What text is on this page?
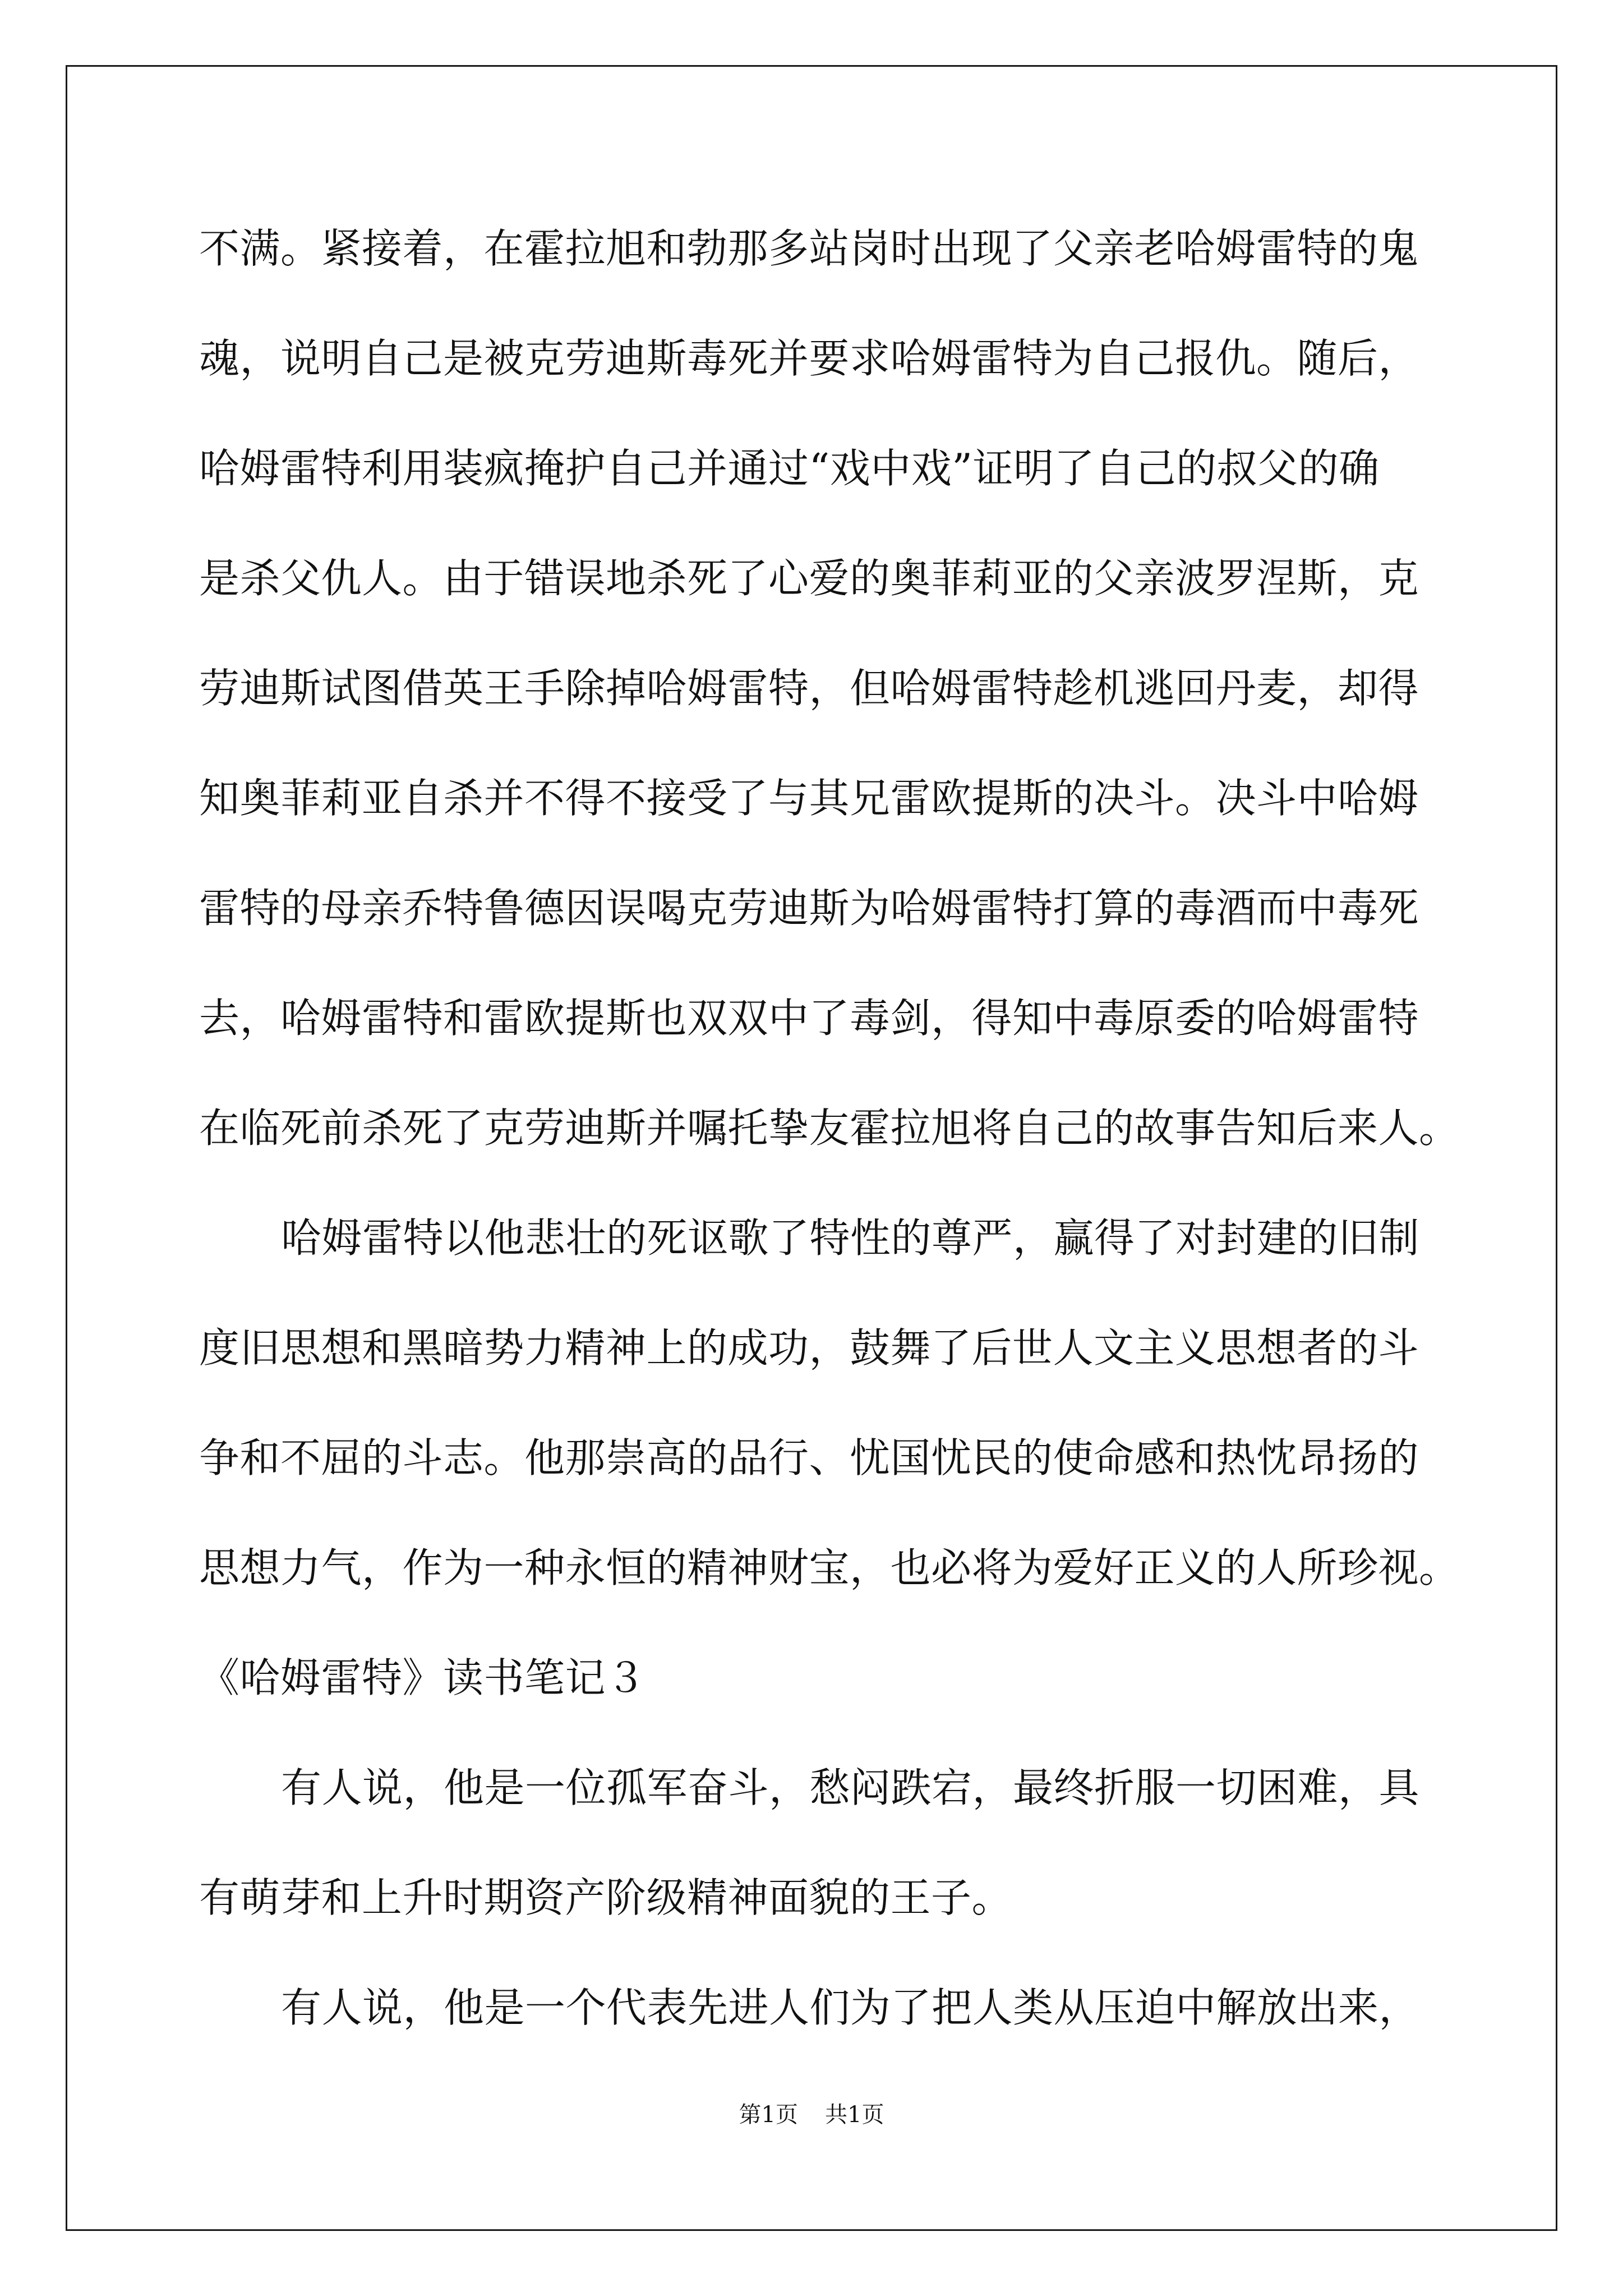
不满。紧接着，在霍拉旭和勃那多站岗时出现了父亲老哈姆雷特的鬼
魂，说明自己是被克劳迪斯毒死并要求哈姆雷特为自己报仇。随后，
哈姆雷特利用装疯掩护自己并通过“戏中戏”证明了自己的叔父的确
是杀父仇人。由于错误地杀死了心爱的奥菲莉亚的父亲波罗涅斯，克
劳迪斯试图借英王手除掉哈姆雷特，但哈姆雷特趁机逃回丹麦，却得
知奥菲莉亚自杀并不得不接受了与其兄雷欧提斯的决斗。决斗中哈姆
雷特的母亲乔特鲁德因误喝克劳迪斯为哈姆雷特打算的毒酒而中毒死
去，哈姆雷特和雷欧提斯也双双中了毒剑，得知中毒原委的哈姆雷特
在临死前杀死了克劳迪斯并嘱托挚友霍拉旭将自己的故事告知后来人。
哈姆雷特以他悲壮的死讴歌了特性的尊严，赢得了对封建的旧制
度旧思想和黑暗势力精神上的成功，鼓舞了后世人文主义思想者的斗
争和不屈的斗志。他那崇高的品行、忧国忧民的使命感和热忱昂扬的
思想力气，作为一种永恒的精神财宝，也必将为爱好正义的人所珍视。
《哈姆雷特》读书笔记３
有人说，他是一位孤军奋斗，愁闷跌宕，最终折服一切困难，具
有萌芽和上升时期资产阶级精神面貌的王子。
有人说，他是一个代表先进人们为了把人类从压迫中解放出来，
第1页 共1页
